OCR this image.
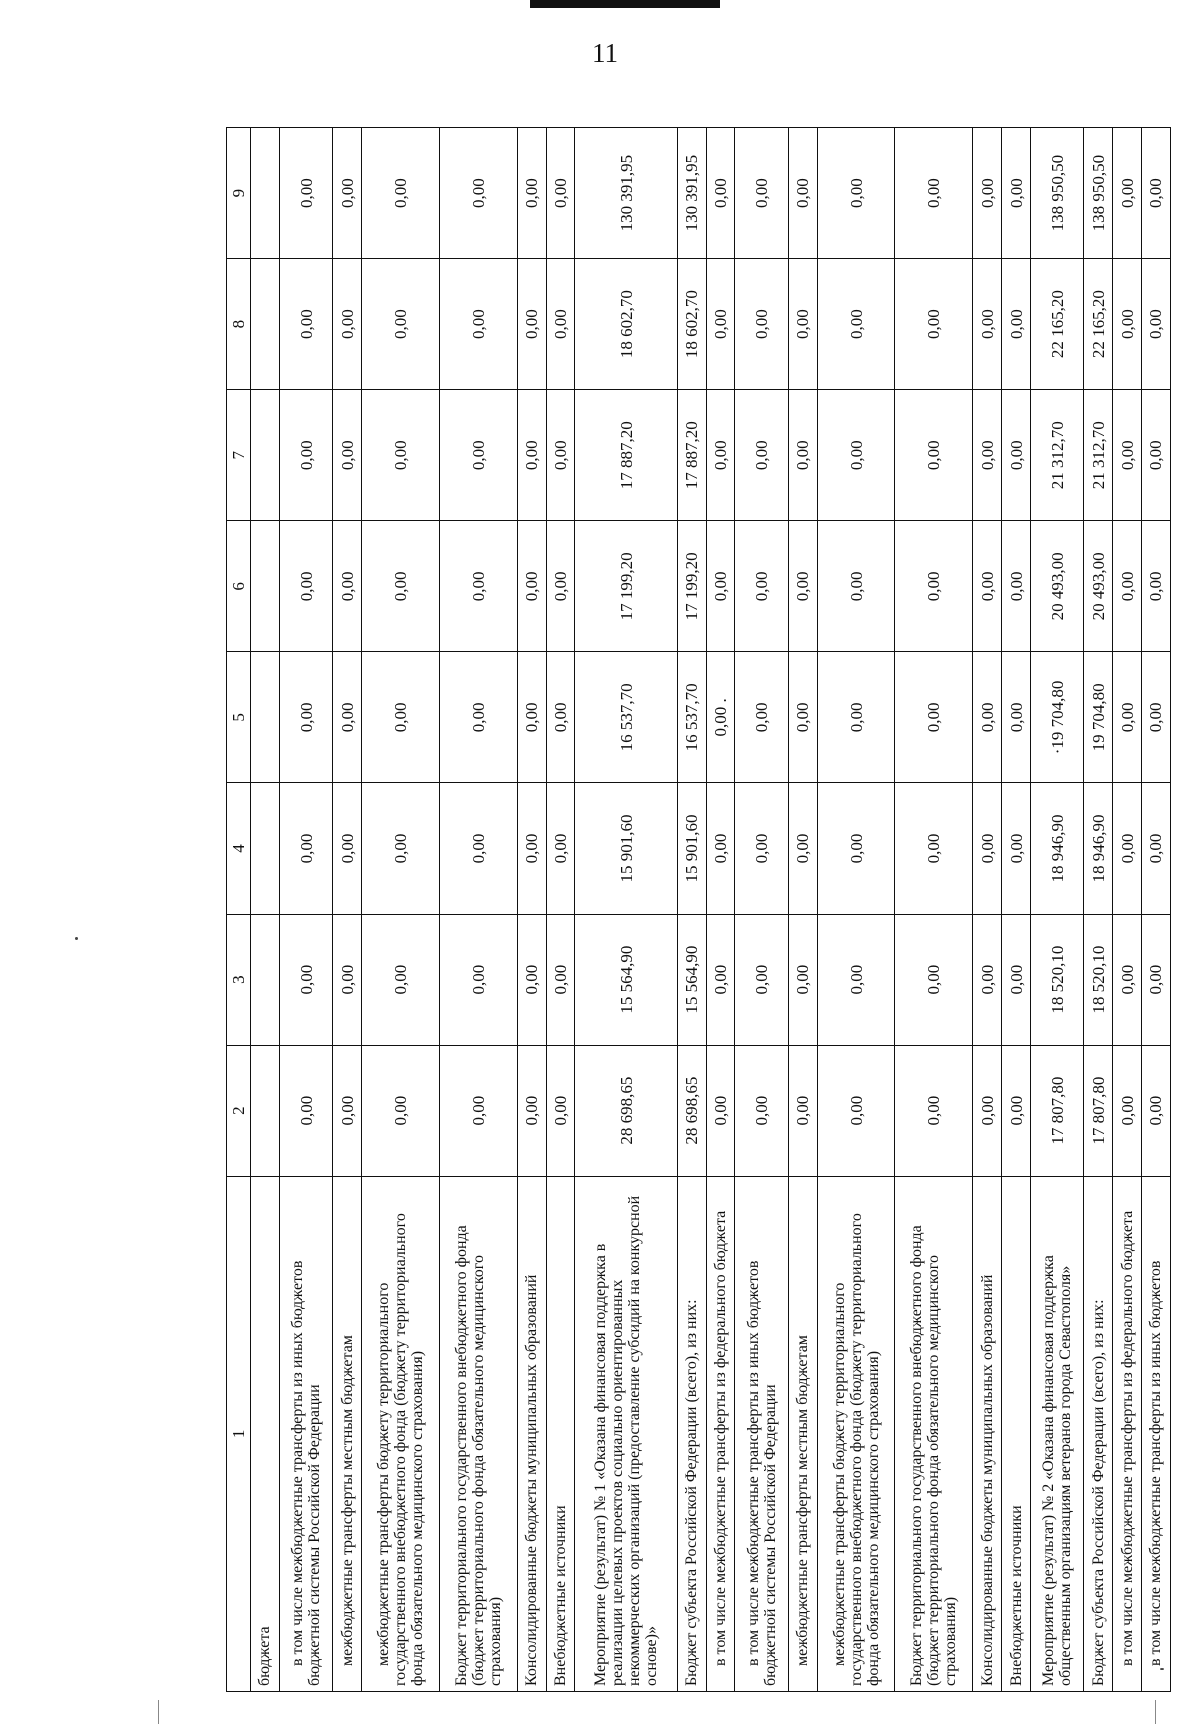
11
1	2	3	4	5	6	7	8	9
бюджета								
в том числе межбюджетные трансферты из иных бюджетов бюджетной системы Российской Федерации	0,00	0,00	0,00	0,00	0,00	0,00	0,00	0,00
межбюджетные трансферты местным бюджетам	0,00	0,00	0,00	0,00	0,00	0,00	0,00	0,00
межбюджетные трансферты бюджету территориального государственного внебюджетного фонда (бюджету территориального фонда обязательного медицинского страхования)	0,00	0,00	0,00	0,00	0,00	0,00	0,00	0,00
Бюджет территориального государственного внебюджетного фонда (бюджет территориального фонда обязательного медицинского страхования)	0,00	0,00	0,00	0,00	0,00	0,00	0,00	0,00
Консолидированные бюджеты муниципальных образований	0,00	0,00	0,00	0,00	0,00	0,00	0,00	0,00
Внебюджетные источники	0,00	0,00	0,00	0,00	0,00	0,00	0,00	0,00
Мероприятие (результат) № 1 «Оказана финансовая поддержка в реализации целевых проектов социально ориентированных некоммерческих организаций (предоставление субсидий на конкурсной основе)»	28 698,65	15 564,90	15 901,60	16 537,70	17 199,20	17 887,20	18 602,70	130 391,95
Бюджет субъекта Российской Федерации (всего), из них:	28 698,65	15 564,90	15 901,60	16 537,70	17 199,20	17 887,20	18 602,70	130 391,95
в том числе межбюджетные трансферты из федерального бюджета	0,00	0,00	0,00	0,00 .	0,00	0,00	0,00	0,00
в том числе межбюджетные трансферты из иных бюджетов бюджетной системы Российской Федерации	0,00	0,00	0,00	0,00	0,00	0,00	0,00	0,00
межбюджетные трансферты местным бюджетам	0,00	0,00	0,00	0,00	0,00	0,00	0,00	0,00
межбюджетные трансферты бюджету территориального государственного внебюджетного фонда (бюджету территориального фонда обязательного медицинского страхования)	0,00	0,00	0,00	0,00	0,00	0,00	0,00	0,00
Бюджет территориального государственного внебюджетного фонда (бюджет территориального фонда обязательного медицинского страхования)	0,00	0,00	0,00	0,00	0,00	0,00	0,00	0,00
Консолидированные бюджеты муниципальных образований	0,00	0,00	0,00	0,00	0,00	0,00	0,00	0,00
Внебюджетные источники	0,00	0,00	0,00	0,00	0,00	0,00	0,00	0,00
Мероприятие (результат) № 2 «Оказана финансовая поддержка общественным организациям ветеранов города Севастополя»	17 807,80	18 520,10	18 946,90	·19 704,80	20 493,00	21 312,70	22 165,20	138 950,50
Бюджет субъекта Российской Федерации (всего), из них:	17 807,80	18 520,10	18 946,90	19 704,80	20 493,00	21 312,70	22 165,20	138 950,50
в том числе межбюджетные трансферты из федерального бюджета	0,00	0,00	0,00	0,00	0,00	0,00	0,00	0,00
в том числе межбюджетные трансферты из иных бюджетов	0,00	0,00	0,00	0,00	0,00	0,00	0,00	0,00
